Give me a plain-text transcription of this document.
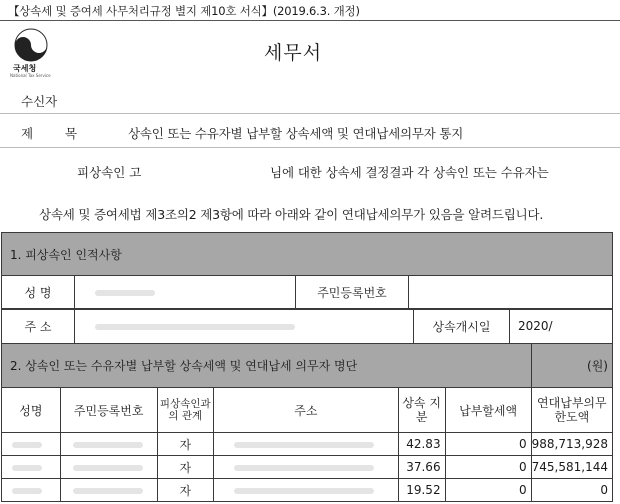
【상속세 및 증여세 사무처리규정 별지 제10호 서식】(2019.6.3. 개정)
국세청
National Tax Service
세무서
수신자
제 목	상속인 또는 수유자별 납부할 상속세액 및 연대납세의무자 통지
피상속인 고	님에 대한 상속세 결정결과 각 상속인 또는 수유자는
상속세 및 증여세법 제3조의2 제3항에 따라 아래와 같이 연대납세의무가 있음을 알려드립니다.
1. 피상속인 인적사항
성 명		주민등록번호	
주 소		상속개시일	2020/
2. 상속인 또는 수유자별 납부할 상속세액 및 연대납세 의무자 명단						(원)
성명	주민등록번호	피상속인과의 관계	주소	상속 지분	납부할세액	연대납부의무 한도액
		자		42.83	0	988,713,928
		자		37.66	0	745,581,144
		자		19.52	0	0
